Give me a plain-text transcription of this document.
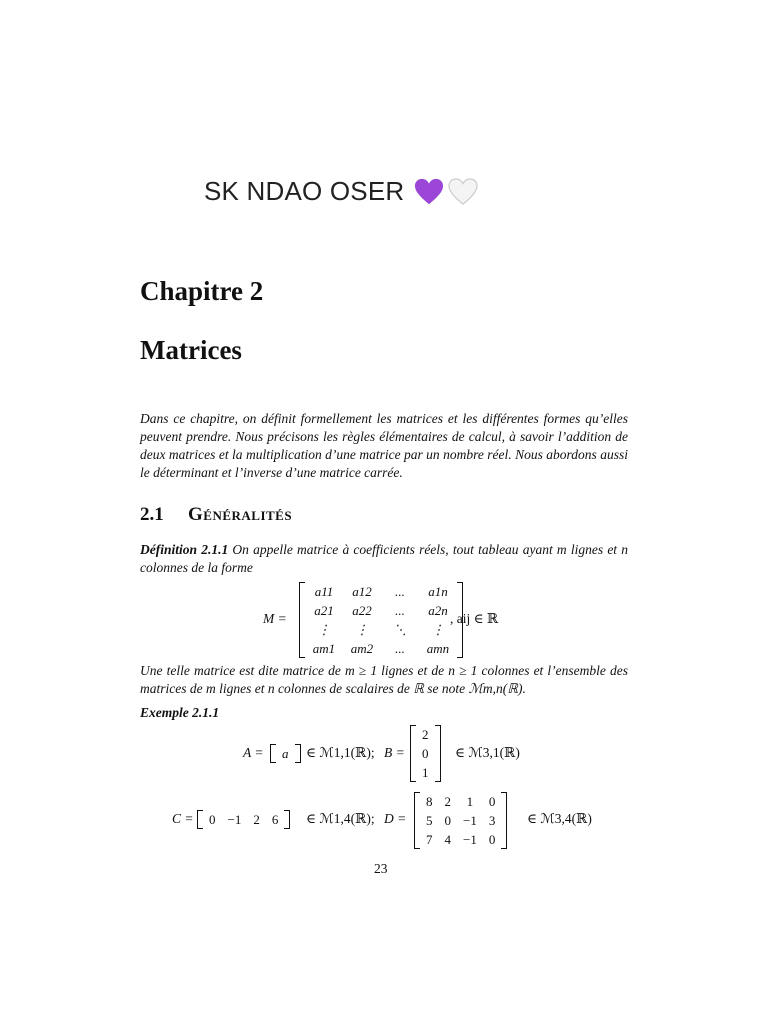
SK NDAO OSER
Chapitre 2
Matrices

Dans ce chapitre, on définit formellement les matrices et les différentes formes qu’elles peuvent prendre. Nous précisons les règles élémentaires de calcul, à savoir l’addition de deux matrices et la multiplication d’une matrice par un nombre réel. Nous abordons aussi le déterminant et l’inverse d’une matrice carrée.

2.1 Généralités

Définition 2.1.1 On appelle matrice à coefficients réels, tout tableau ayant m lignes et n colonnes de la forme

M =
a11	a12	...	a1n
a21	a22	...	a2n
⋮	⋮	⋱	⋮
am1	am2	...	amn
, aij ∈ ℝ

Une telle matrice est dite matrice de m ≥ 1 lignes et de n ≥ 1 colonnes et l’ensemble des matrices de m lignes et n colonnes de scalaires de ℝ se note ℳm,n(ℝ).

Exemple 2.1.1
A = a ∈ ℳ1,1(ℝ); B =
2
0
1
∈ ℳ3,1(ℝ)
C = 0	−1	2	6 ∈ ℳ1,4(ℝ); D =
8	2	1	0
5	0	−1	3
7	4	−1	0
∈ ℳ3,4(ℝ)
23
